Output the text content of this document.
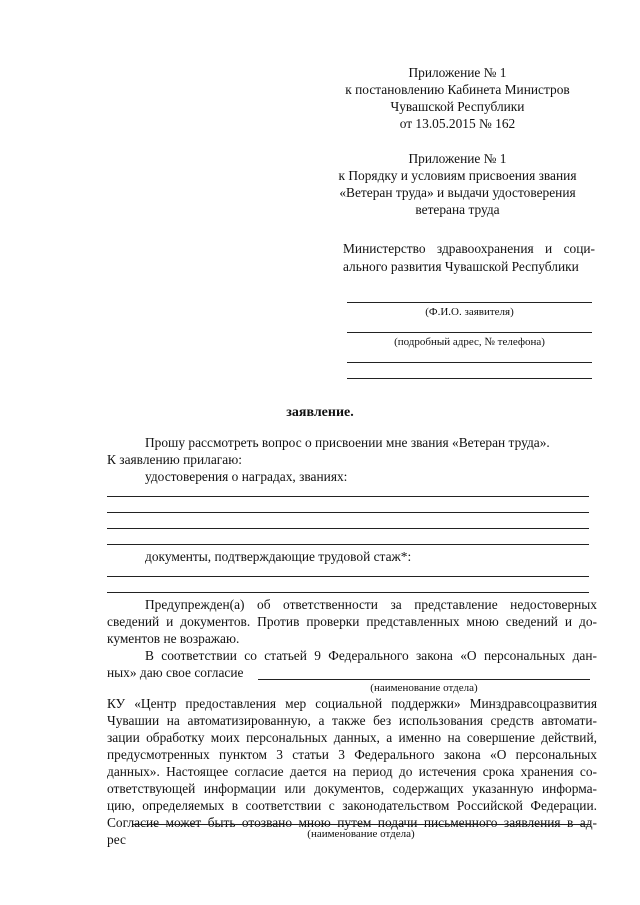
Приложение № 1
к постановлению Кабинета Министров
Чувашской Республики
от 13.05.2015 № 162
Приложение № 1
к Порядку и условиям присвоения звания
«Ветеран труда» и выдачи удостоверения
ветерана труда
Министерство здравоохранения и соци-
ального развития Чувашской Республики
(Ф.И.О. заявителя)
(подробный адрес, № телефона)
заявление.
Прошу рассмотреть вопрос о присвоении мне звания «Ветеран труда».
К заявлению прилагаю:
удостоверения о наградах, званиях:
документы, подтверждающие трудовой стаж*:
Предупрежден(а) об ответственности за представление недостоверных
сведений и документов. Против проверки представленных мною сведений и до-
кументов не возражаю.
В соответствии со статьей 9 Федерального закона «О персональных дан-
ных» даю свое согласие
(наименование отдела)
КУ «Центр предоставления мер социальной поддержки» Минздравсоцразвития
Чувашии на автоматизированную, а также без использования средств автомати-
зации обработку моих персональных данных, а именно на совершение действий,
предусмотренных пунктом 3 статьи 3 Федерального закона «О персональных
данных». Настоящее согласие дается на период до истечения срока хранения со-
ответствующей информации или документов, содержащих указанную информа-
цию, определяемых в соответствии с законодательством Российской Федерации.
Согласие может быть отозвано мною путем подачи письменного заявления в ад-
рес	(наименование отдела)
